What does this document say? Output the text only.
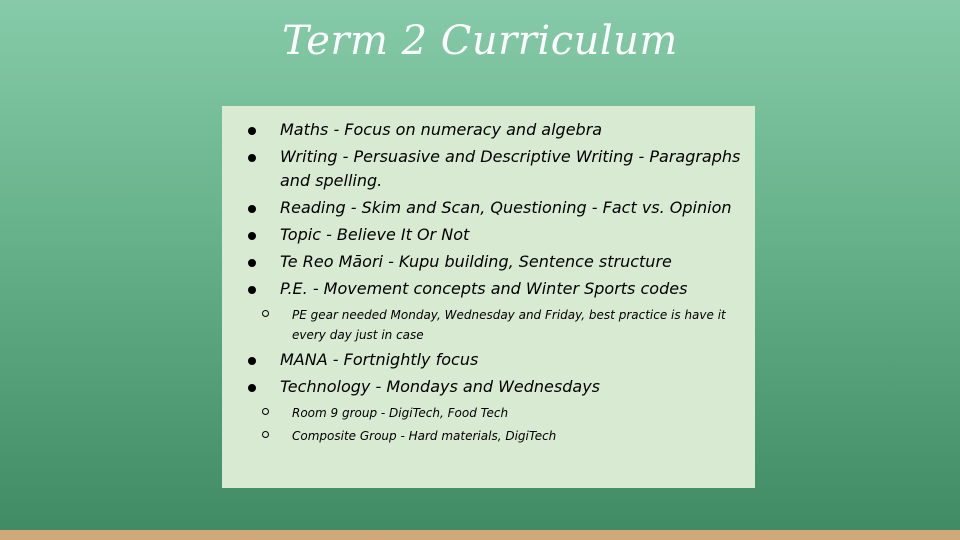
Term 2 Curriculum
Maths - Focus on numeracy and algebra
Writing - Persuasive and Descriptive Writing - Paragraphs and spelling.
Reading - Skim and Scan, Questioning - Fact vs. Opinion
Topic - Believe It Or Not
Te Reo Māori - Kupu building, Sentence structure
P.E. - Movement concepts and Winter Sports codes
PE gear needed Monday, Wednesday and Friday, best practice is have it every day just in case
MANA - Fortnightly focus
Technology - Mondays and Wednesdays
Room 9 group - DigiTech, Food Tech
Composite Group - Hard materials, DigiTech
